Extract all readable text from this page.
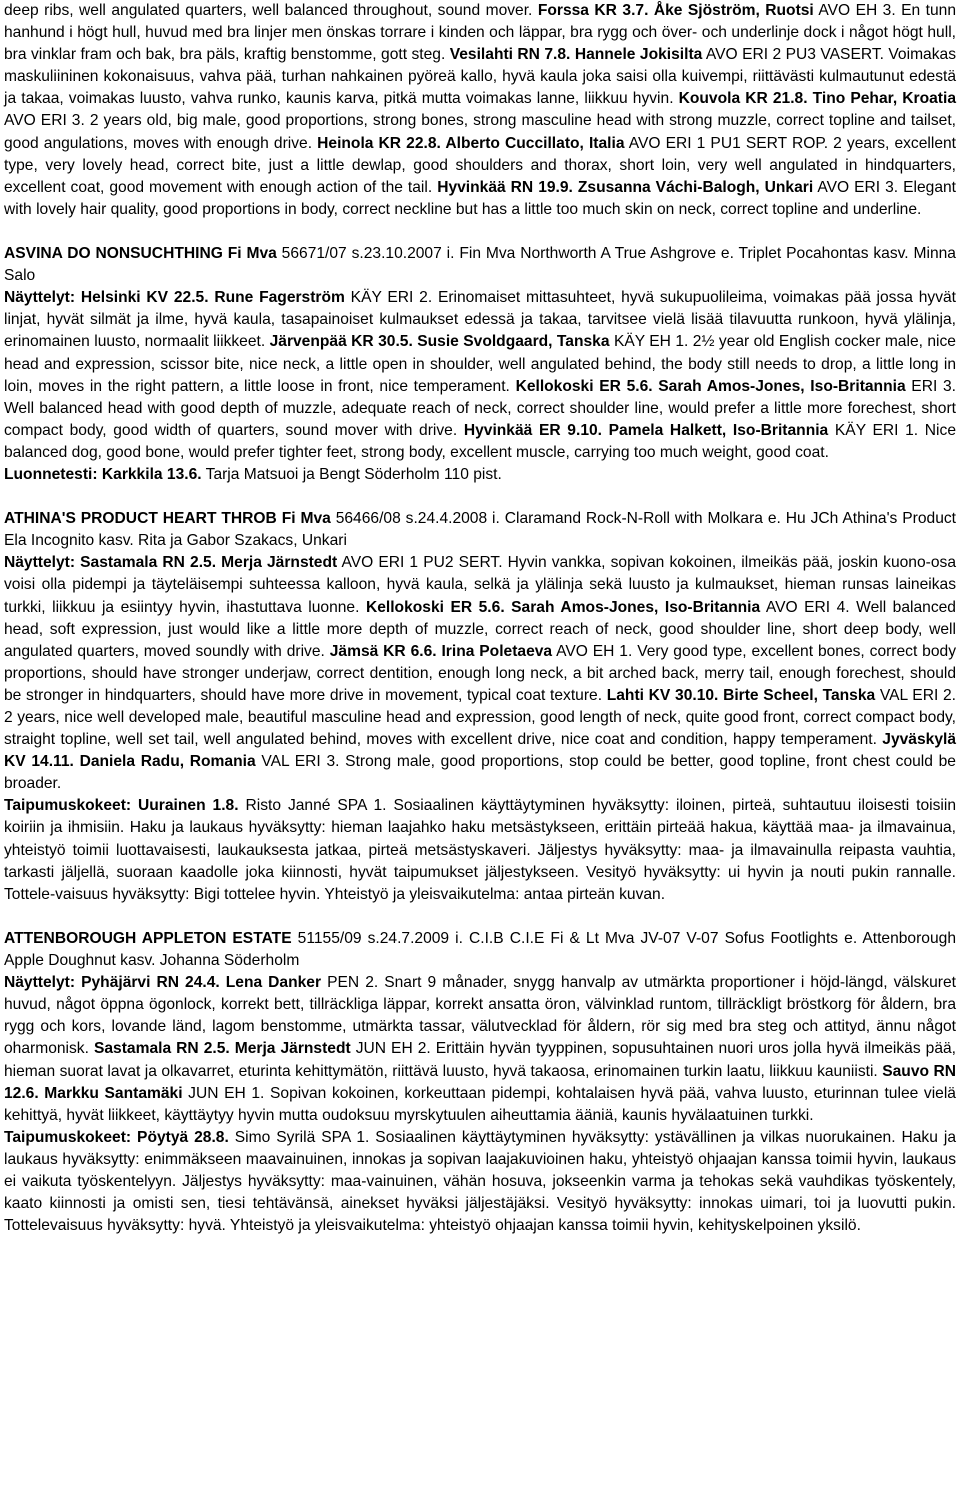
deep ribs, well angulated quarters, well balanced throughout, sound mover. Forssa KR 3.7. Åke Sjöström, Ruotsi AVO EH 3. En tunn hanhund i högt hull, huvud med bra linjer men önskas torrare i kinden och läppar, bra rygg och över- och underlinje dock i något högt hull, bra vinklar fram och bak, bra päls, kraftig benstomme, gott steg. Vesilahti RN 7.8. Hannele Jokisilta AVO ERI 2 PU3 VASERT. Voimakas maskuliininen kokonaisuus, vahva pää, turhan nahkainen pyöreä kallo, hyvä kaula joka saisi olla kuivempi, riittävästi kulmautunut edestä ja takaa, voimakas luusto, vahva runko, kaunis karva, pitkä mutta voimakas lanne, liikkuu hyvin. Kouvola KR 21.8. Tino Pehar, Kroatia AVO ERI 3. 2 years old, big male, good proportions, strong bones, strong masculine head with strong muzzle, correct topline and tailset, good angulations, moves with enough drive. Heinola KR 22.8. Alberto Cuccillato, Italia AVO ERI 1 PU1 SERT ROP. 2 years, excellent type, very lovely head, correct bite, just a little dewlap, good shoulders and thorax, short loin, very well angulated in hindquarters, excellent coat, good movement with enough action of the tail. Hyvinkää RN 19.9. Zsusanna Váchi-Balogh, Unkari AVO ERI 3. Elegant with lovely hair quality, good proportions in body, correct neckline but has a little too much skin on neck, correct topline and underline.

ASVINA DO NONSUCHTHING Fi Mva 56671/07 s.23.10.2007 i. Fin Mva Northworth A True Ashgrove e. Triplet Pocahontas kasv. Minna Salo

Näyttelyt: Helsinki KV 22.5. Rune Fagerström KÄY ERI 2. Erinomaiset mittasuhteet, hyvä sukupuolileima, voimakas pää jossa hyvät linjat, hyvät silmät ja ilme, hyvä kaula, tasapainoiset kulmaukset edessä ja takaa, tarvitsee vielä lisää tilavuutta runkoon, hyvä ylälinja, erinomainen luusto, normaalit liikkeet. Järvenpää KR 30.5. Susie Svoldgaard, Tanska KÄY EH 1. 2½ year old English cocker male, nice head and expression, scissor bite, nice neck, a little open in shoulder, well angulated behind, the body still needs to drop, a little long in loin, moves in the right pattern, a little loose in front, nice temperament. Kellokoski ER 5.6. Sarah Amos-Jones, Iso-Britannia ERI 3. Well balanced head with good depth of muzzle, adequate reach of neck, correct shoulder line, would prefer a little more forechest, short compact body, good width of quarters, sound mover with drive. Hyvinkää ER 9.10. Pamela Halkett, Iso-Britannia KÄY ERI 1. Nice balanced dog, good bone, would prefer tighter feet, strong body, excellent muscle, carrying too much weight, good coat.

Luonnetesti: Karkkila 13.6. Tarja Matsuoi ja Bengt Söderholm 110 pist.

ATHINA'S PRODUCT HEART THROB Fi Mva 56466/08 s.24.4.2008 i. Claramand Rock-N-Roll with Molkara e. Hu JCh Athina's Product Ela Incognito kasv. Rita ja Gabor Szakacs, Unkari

Näyttelyt: Sastamala RN 2.5. Merja Järnstedt AVO ERI 1 PU2 SERT. Hyvin vankka, sopivan kokoinen, ilmeikäs pää, joskin kuono-osa voisi olla pidempi ja täyteläisempi suhteessa kalloon, hyvä kaula, selkä ja ylälinja sekä luusto ja kulmaukset, hieman runsas laineikas turkki, liikkuu ja esiintyy hyvin, ihastuttava luonne. Kellokoski ER 5.6. Sarah Amos-Jones, Iso-Britannia AVO ERI 4. Well balanced head, soft expression, just would like a little more depth of muzzle, correct reach of neck, good shoulder line, short deep body, well angulated quarters, moved soundly with drive. Jämsä KR 6.6. Irina Poletaeva AVO EH 1. Very good type, excellent bones, correct body proportions, should have stronger underjaw, correct dentition, enough long neck, a bit arched back, merry tail, enough forechest, should be stronger in hindquarters, should have more drive in movement, typical coat texture. Lahti KV 30.10. Birte Scheel, Tanska VAL ERI 2. 2 years, nice well developed male, beautiful masculine head and expression, good length of neck, quite good front, correct compact body, straight topline, well set tail, well angulated behind, moves with excellent drive, nice coat and condition, happy temperament. Jyväskylä KV 14.11. Daniela Radu, Romania VAL ERI 3. Strong male, good proportions, stop could be better, good topline, front chest could be broader.

Taipumuskokeet: Uurainen 1.8. Risto Janné SPA 1. Sosiaalinen käyttäytyminen hyväksytty: iloinen, pirteä, suhtautuu iloisesti toisiin koiriin ja ihmisiin. Haku ja laukaus hyväksytty: hieman laajahko haku metsästykseen, erittäin pirteää hakua, käyttää maa- ja ilmavainua, yhteistyö toimii luottavaisesti, laukauksesta jatkaa, pirteä metsästyskaveri. Jäljestys hyväksytty: maa- ja ilmavainulla reipasta vauhtia, tarkasti jäljellä, suoraan kaadolle joka kiinnosti, hyvät taipumukset jäljestykseen. Vesityö hyväksytty: ui hyvin ja nouti pukin rannalle. Tottele-vaisuus hyväksytty: Bigi tottelee hyvin. Yhteistyö ja yleisvaikutelma: antaa pirteän kuvan.

ATTENBOROUGH APPLETON ESTATE 51155/09 s.24.7.2009 i. C.I.B C.I.E Fi & Lt Mva JV-07 V-07 Sofus Footlights e. Attenborough Apple Doughnut kasv. Johanna Söderholm

Näyttelyt: Pyhäjärvi RN 24.4. Lena Danker PEN 2. Snart 9 månader, snygg hanvalp av utmärkta proportioner i höjd-längd, välskuret huvud, något öppna ögonlock, korrekt bett, tillräckliga läppar, korrekt ansatta öron, välvinklad runtom, tillräckligt bröstkorg för åldern, bra rygg och kors, lovande länd, lagom benstomme, utmärkta tassar, välutvecklad för åldern, rör sig med bra steg och attityd, ännu något oharmonisk. Sastamala RN 2.5. Merja Järnstedt JUN EH 2. Erittäin hyvän tyyppinen, sopusuhtainen nuori uros jolla hyvä ilmeikäs pää, hieman suorat lavat ja olkavarret, eturinta kehittymätön, riittävä luusto, hyvä takaosa, erinomainen turkin laatu, liikkuu kauniisti. Sauvo RN 12.6. Markku Santamäki JUN EH 1. Sopivan kokoinen, korkeuttaan pidempi, kohtalaisen hyvä pää, vahva luusto, eturinnan tulee vielä kehittyä, hyvät liikkeet, käyttäytyy hyvin mutta oudoksuu myrskytuulen aiheuttamia ääniä, kaunis hyvälaatuinen turkki.

Taipumuskokeet: Pöytyä 28.8. Simo Syrilä SPA 1. Sosiaalinen käyttäytyminen hyväksytty: ystävällinen ja vilkas nuorukainen. Haku ja laukaus hyväksytty: enimmäkseen maavainuinen, innokas ja sopivan laajakuvioinen haku, yhteistyö ohjaajan kanssa toimii hyvin, laukaus ei vaikuta työskentelyyn. Jäljestys hyväksytty: maa-vainuinen, vähän hosuva, jokseenkin varma ja tehokas sekä vauhdikas työskentely, kaato kiinnosti ja omisti sen, tiesi tehtävänsä, ainekset hyväksi jäljestäjäksi. Vesityö hyväksytty: innokas uimari, toi ja luovutti pukin. Tottelevaisuus hyväksytty: hyvä. Yhteistyö ja yleisvaikutelma: yhteistyö ohjaajan kanssa toimii hyvin, kehityskelpoinen yksilö.
